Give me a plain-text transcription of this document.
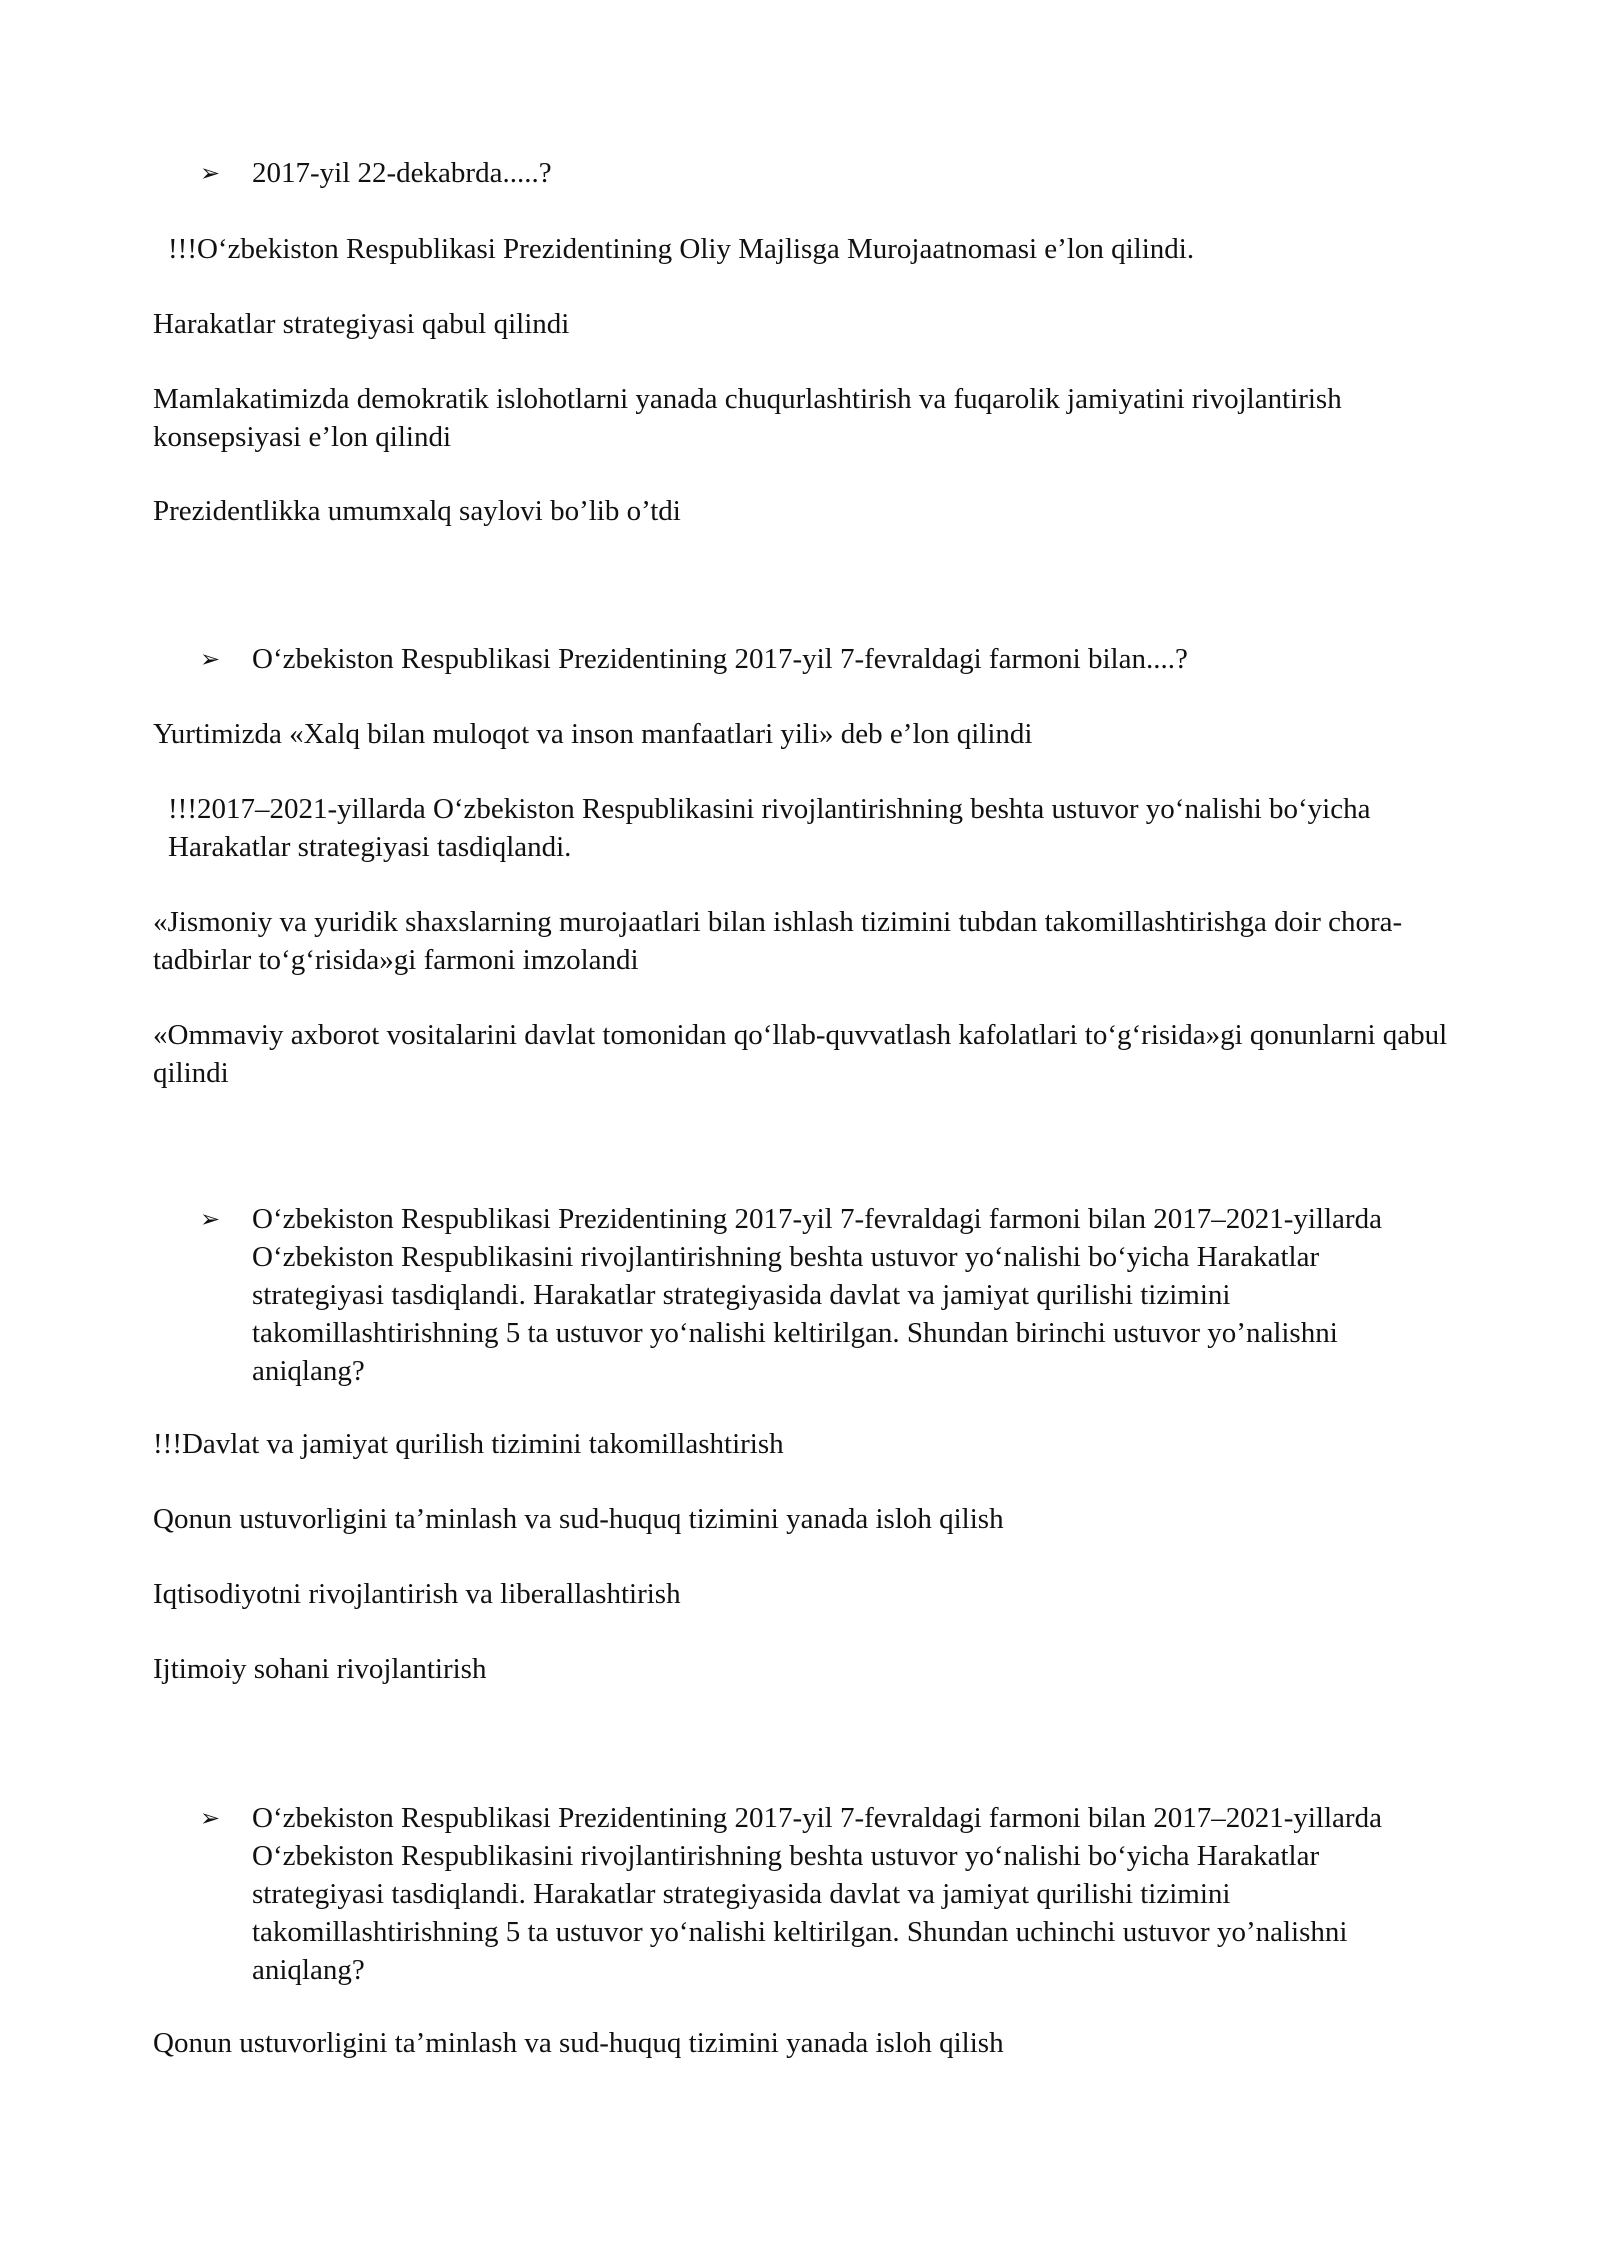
➢	2017-yil 22-dekabrda.....?
!!!O‘zbekiston Respublikasi Prezidentining Oliy Majlisga Murojaatnomasi e’lon qilindi.
Harakatlar strategiyasi qabul qilindi
Mamlakatimizda demokratik islohotlarni yanada chuqurlashtirish va fuqarolik jamiyatini rivojlantirish konsepsiyasi e’lon qilindi
Prezidentlikka umumxalq saylovi bo’lib o’tdi
➢	O‘zbekiston Respublikasi Prezidentining 2017-yil 7-fevraldagi farmoni bilan....?
Yurtimizda «Xalq bilan muloqot va inson manfaatlari yili» deb e’lon qilindi
!!!2017–2021-yillarda O‘zbekiston Respublikasini rivojlantirishning beshta ustuvor yo‘nalishi bo‘yicha Harakatlar strategiyasi tasdiqlandi.
«Jismoniy va yuridik shaxslarning murojaatlari bilan ishlash tizimini tubdan takomillashtirishga doir chora-tadbirlar to‘g‘risida»gi farmoni imzolandi
«Ommaviy axborot vositalarini davlat tomonidan qo‘llab-quvvatlash kafolatlari to‘g‘risida»gi qonunlarni qabul qilindi
➢	O‘zbekiston Respublikasi Prezidentining 2017-yil 7-fevraldagi farmoni bilan 2017–2021-yillarda O‘zbekiston Respublikasini rivojlantirishning beshta ustuvor yo‘nalishi bo‘yicha Harakatlar strategiyasi tasdiqlandi. Harakatlar strategiyasida davlat va jamiyat qurilishi tizimini takomillashtirishning 5 ta ustuvor yo‘nalishi keltirilgan. Shundan birinchi ustuvor yo’nalishni aniqlang?
!!!Davlat va jamiyat qurilish tizimini takomillashtirish
Qonun ustuvorligini ta’minlash va sud-huquq tizimini yanada isloh qilish
Iqtisodiyotni rivojlantirish va liberallashtirish
Ijtimoiy sohani rivojlantirish
➢	O‘zbekiston Respublikasi Prezidentining 2017-yil 7-fevraldagi farmoni bilan 2017–2021-yillarda O‘zbekiston Respublikasini rivojlantirishning beshta ustuvor yo‘nalishi bo‘yicha Harakatlar strategiyasi tasdiqlandi. Harakatlar strategiyasida davlat va jamiyat qurilishi tizimini takomillashtirishning 5 ta ustuvor yo‘nalishi keltirilgan. Shundan uchinchi ustuvor yo’nalishni aniqlang?
Qonun ustuvorligini ta’minlash va sud-huquq tizimini yanada isloh qilish
